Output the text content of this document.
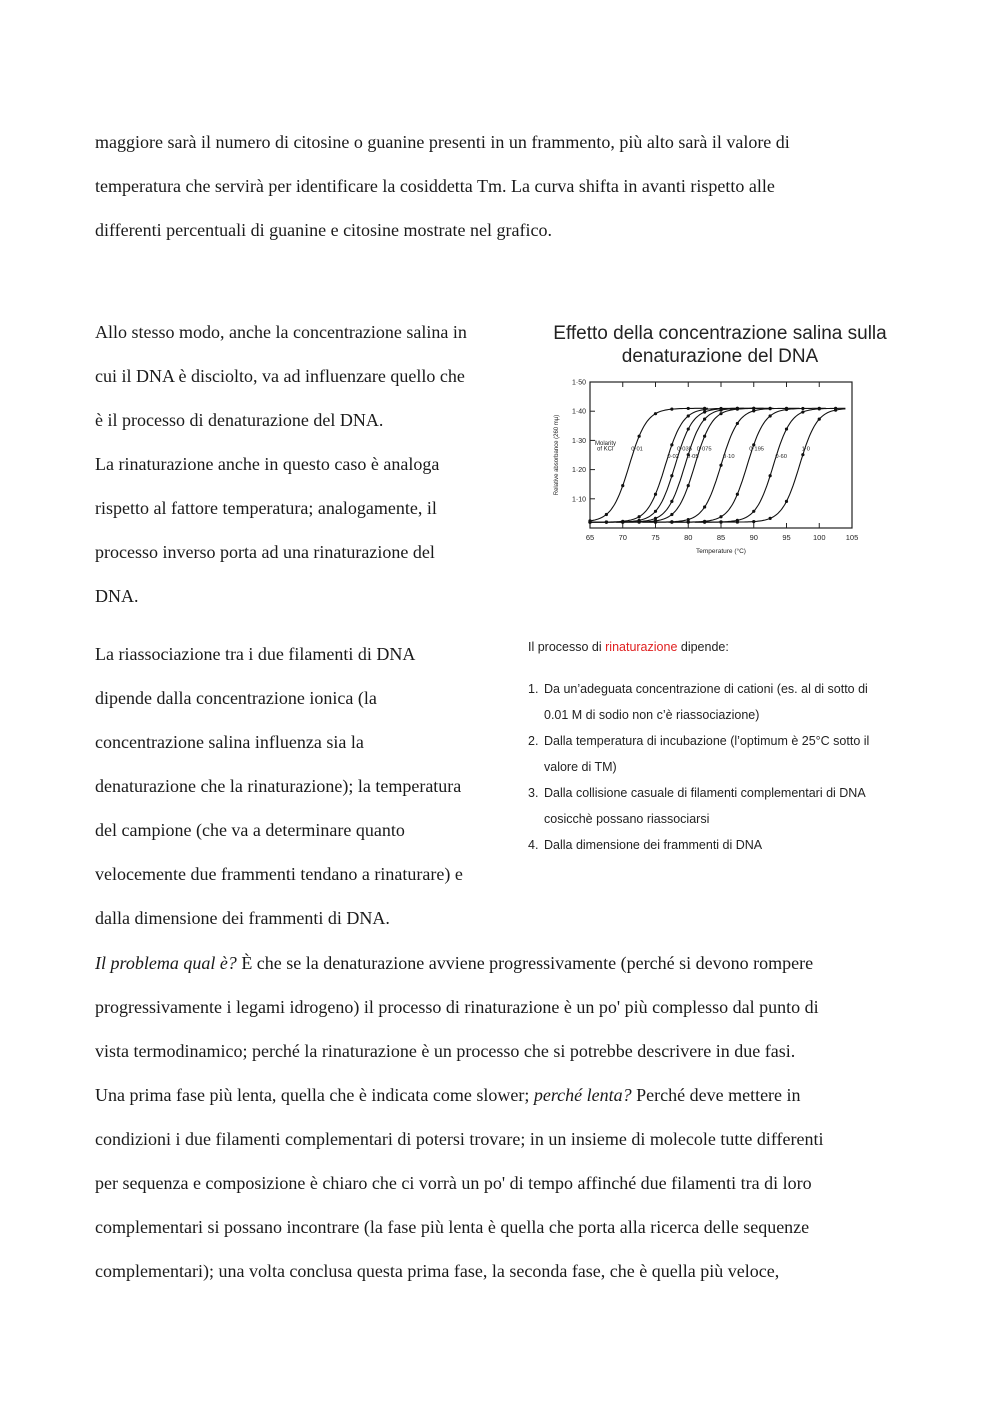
maggiore sarà il numero di citosine o guanine presenti in un frammento, più alto sarà il valore di
temperatura che servirà per identificare la cosiddetta Tm. La curva shifta in avanti rispetto alle
differenti percentuali di guanine e citosine mostrate nel grafico.
Allo stesso modo, anche la concentrazione salina in
cui il DNA è disciolto, va ad influenzare quello che
è il processo di denaturazione del DNA.
La rinaturazione anche in questo caso è analoga
rispetto al fattore temperatura; analogamente, il
processo inverso porta ad una rinaturazione del
DNA.
La riassociazione tra i due filamenti di DNA
dipende dalla concentrazione ionica (la
concentrazione salina influenza sia la
denaturazione che la rinaturazione); la temperatura
del campione (che va a determinare quanto
velocemente due frammenti tendano a rinaturare) e
dalla dimensione dei frammenti di DNA.
Il problema qual è? È che se la denaturazione avviene progressivamente (perché si devono rompere
progressivamente i legami idrogeno) il processo di rinaturazione è un po' più complesso dal punto di
vista termodinamico; perché la rinaturazione è un processo che si potrebbe descrivere in due fasi.
Una prima fase più lenta, quella che è indicata come slower; perché lenta? Perché deve mettere in
condizioni i due filamenti complementari di potersi trovare; in un insieme di molecole tutte differenti
per sequenza e composizione è chiaro che ci vorrà un po' di tempo affinché due filamenti tra di loro
complementari si possano incontrare (la fase più lenta è quella che porta alla ricerca delle sequenze
complementari); una volta conclusa questa prima fase, la seconda fase, che è quella più veloce,
Effetto della concentrazione salina sulla
denaturazione del DNA
65	70	75	80	85	90	95	100	105
1·10
1·20
1·30
1·40
1·50
Temperature (°C)
Relative absorbance (260 mμ)	Molarity
of KCl	0·01
0·02
0·035
0·05
0·075
0·10
0·195
0·60
1·0
Il processo di rinaturazione dipende:
1. Da un’adeguata concentrazione di cationi (es. al di sotto di
0.01 M di sodio non c’è riassociazione)
2. Dalla temperatura di incubazione (l’optimum è 25°C sotto il
valore di TM)
3. Dalla collisione casuale di filamenti complementari di DNA
cosicchè possano riassociarsi
4. Dalla dimensione dei frammenti di DNA
